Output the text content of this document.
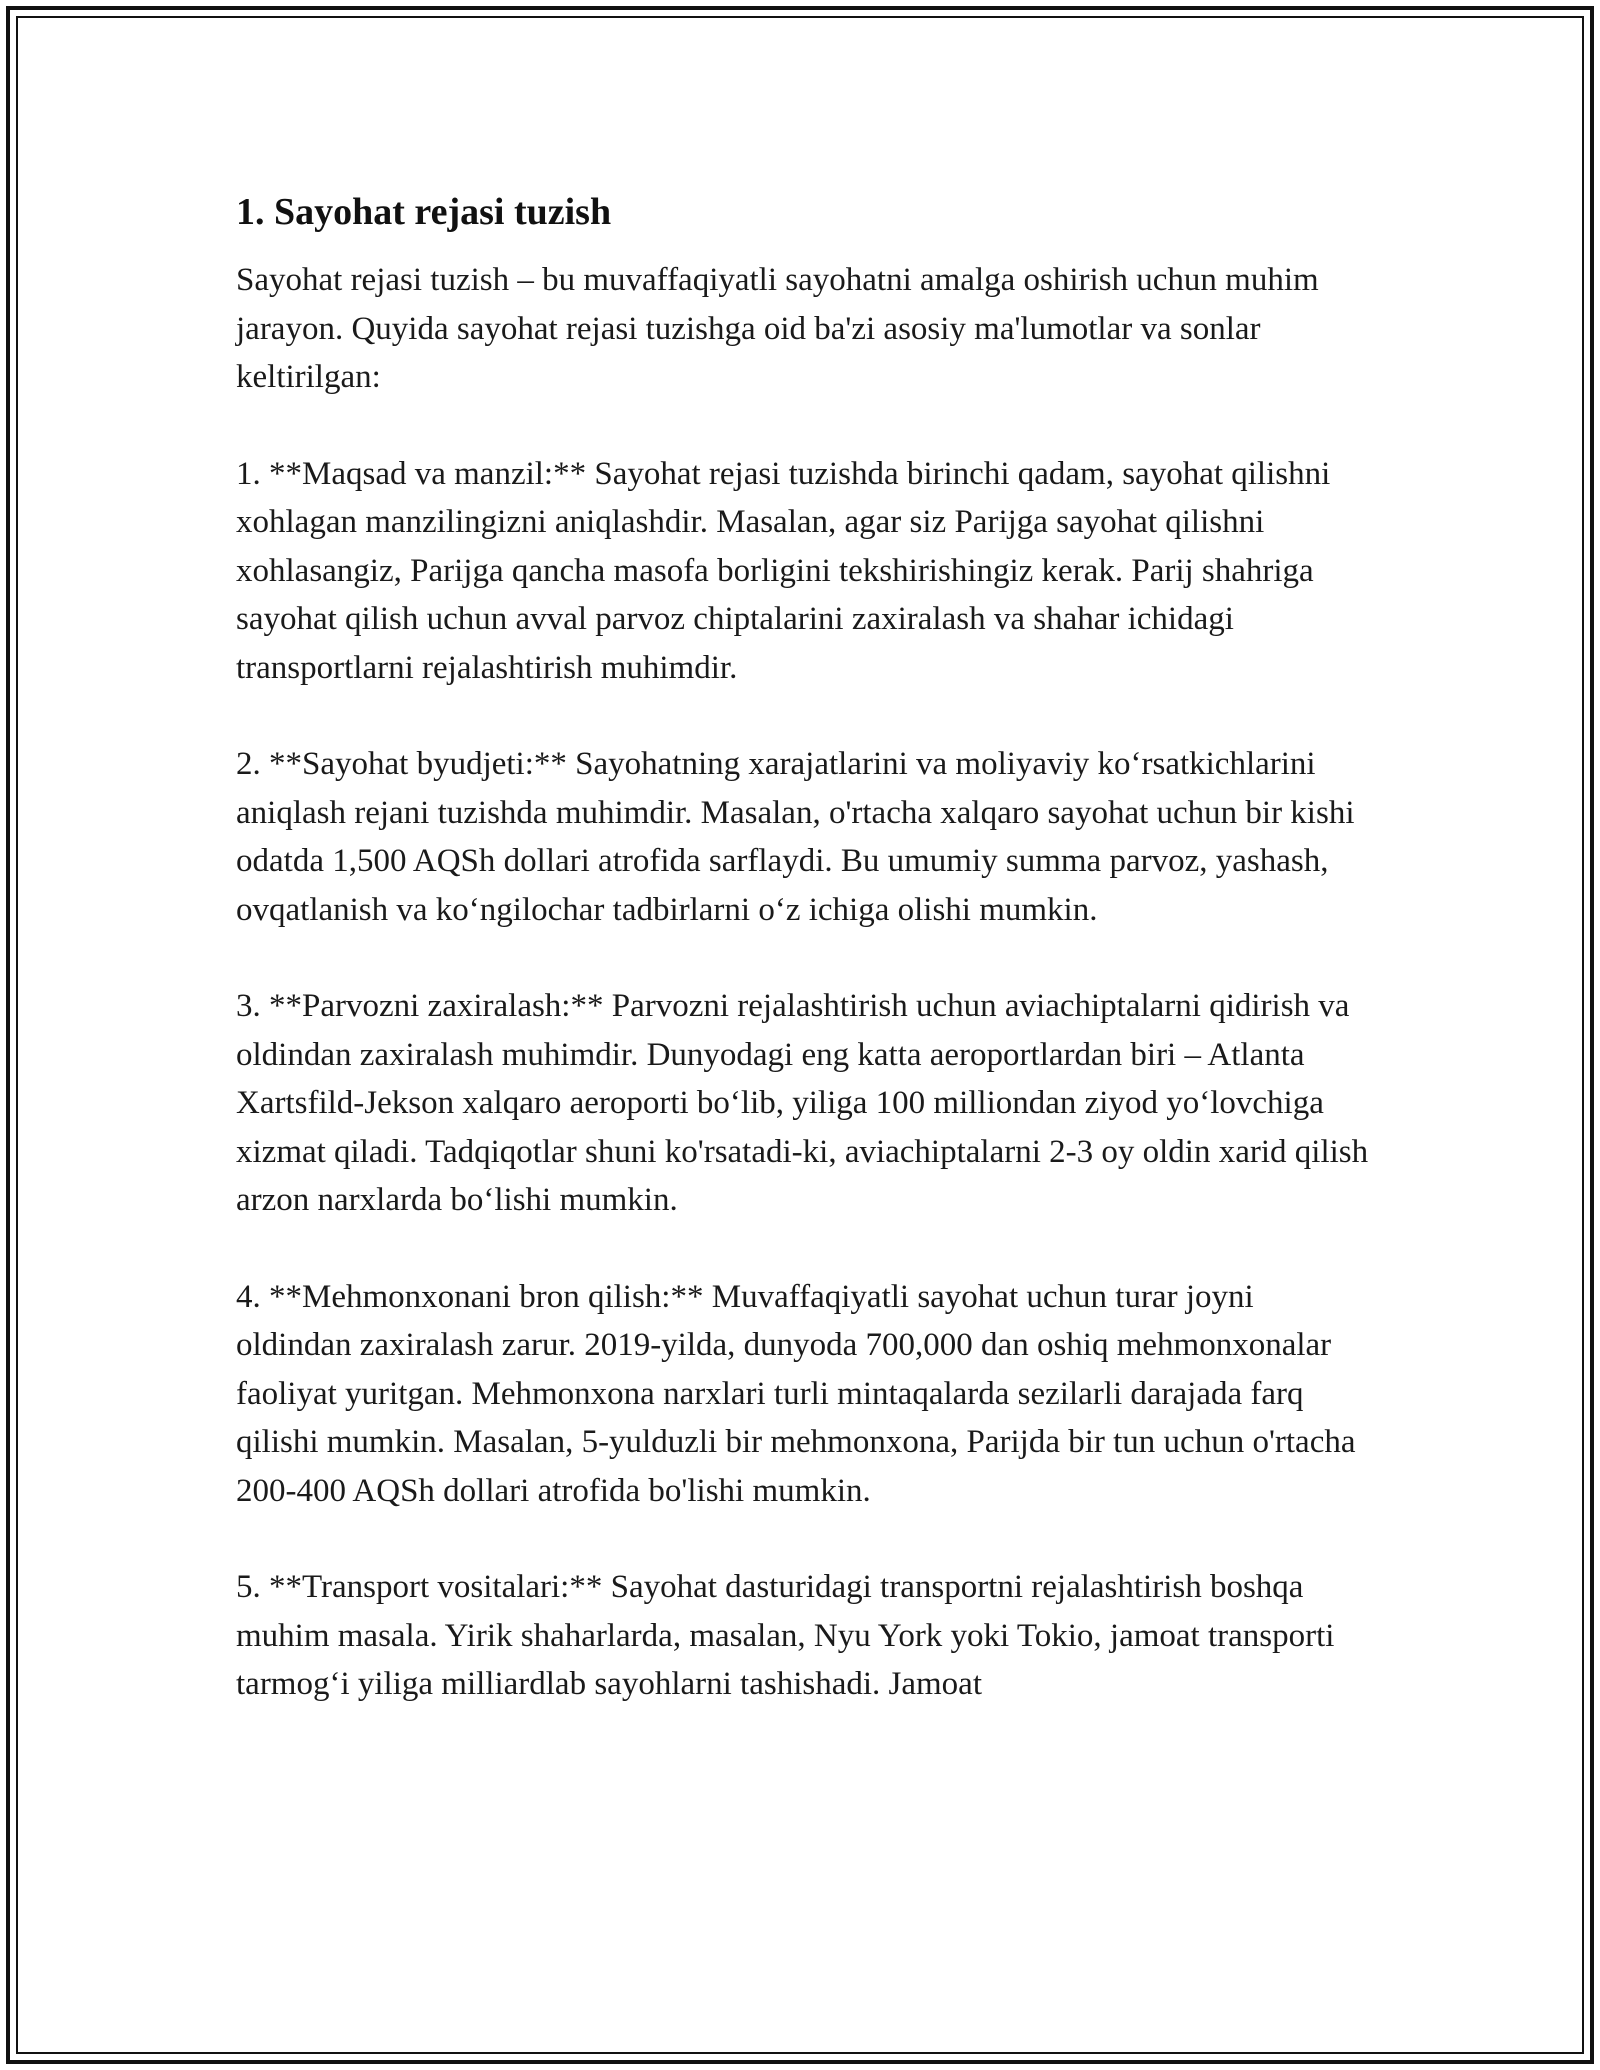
1. Sayohat rejasi tuzish

Sayohat rejasi tuzish – bu muvaffaqiyatli sayohatni amalga oshirish uchun muhim jarayon. Quyida sayohat rejasi tuzishga oid ba'zi asosiy ma'lumotlar va sonlar keltirilgan:

1. **Maqsad va manzil:** Sayohat rejasi tuzishda birinchi qadam, sayohat qilishni xohlagan manzilingizni aniqlashdir. Masalan, agar siz Parijga sayohat qilishni xohlasangiz, Parijga qancha masofa borligini tekshirishingiz kerak. Parij shahriga sayohat qilish uchun avval parvoz chiptalarini zaxiralash va shahar ichidagi transportlarni rejalashtirish muhimdir.

2. **Sayohat byudjeti:** Sayohatning xarajatlarini va moliyaviy koʻrsatkichlarini aniqlash rejani tuzishda muhimdir. Masalan, o'rtacha xalqaro sayohat uchun bir kishi odatda 1,500 AQSh dollari atrofida sarflaydi. Bu umumiy summa parvoz, yashash, ovqatlanish va koʻngilochar tadbirlarni oʻz ichiga olishi mumkin.

3. **Parvozni zaxiralash:** Parvozni rejalashtirish uchun aviachiptalarni qidirish va oldindan zaxiralash muhimdir. Dunyodagi eng katta aeroportlardan biri – Atlanta Xartsfild-Jekson xalqaro aeroporti boʻlib, yiliga 100 milliondan ziyod yoʻlovchiga xizmat qiladi. Tadqiqotlar shuni ko'rsatadi-ki, aviachiptalarni 2-3 oy oldin xarid qilish arzon narxlarda boʻlishi mumkin.

4. **Mehmonxonani bron qilish:** Muvaffaqiyatli sayohat uchun turar joyni oldindan zaxiralash zarur. 2019-yilda, dunyoda 700,000 dan oshiq mehmonxonalar faoliyat yuritgan. Mehmonxona narxlari turli mintaqalarda sezilarli darajada farq qilishi mumkin. Masalan, 5-yulduzli bir mehmonxona, Parijda bir tun uchun o'rtacha 200-400 AQSh dollari atrofida bo'lishi mumkin.

5. **Transport vositalari:** Sayohat dasturidagi transportni rejalashtirish boshqa muhim masala. Yirik shaharlarda, masalan, Nyu York yoki Tokio, jamoat transporti tarmogʻi yiliga milliardlab sayohlarni tashishadi. Jamoat
